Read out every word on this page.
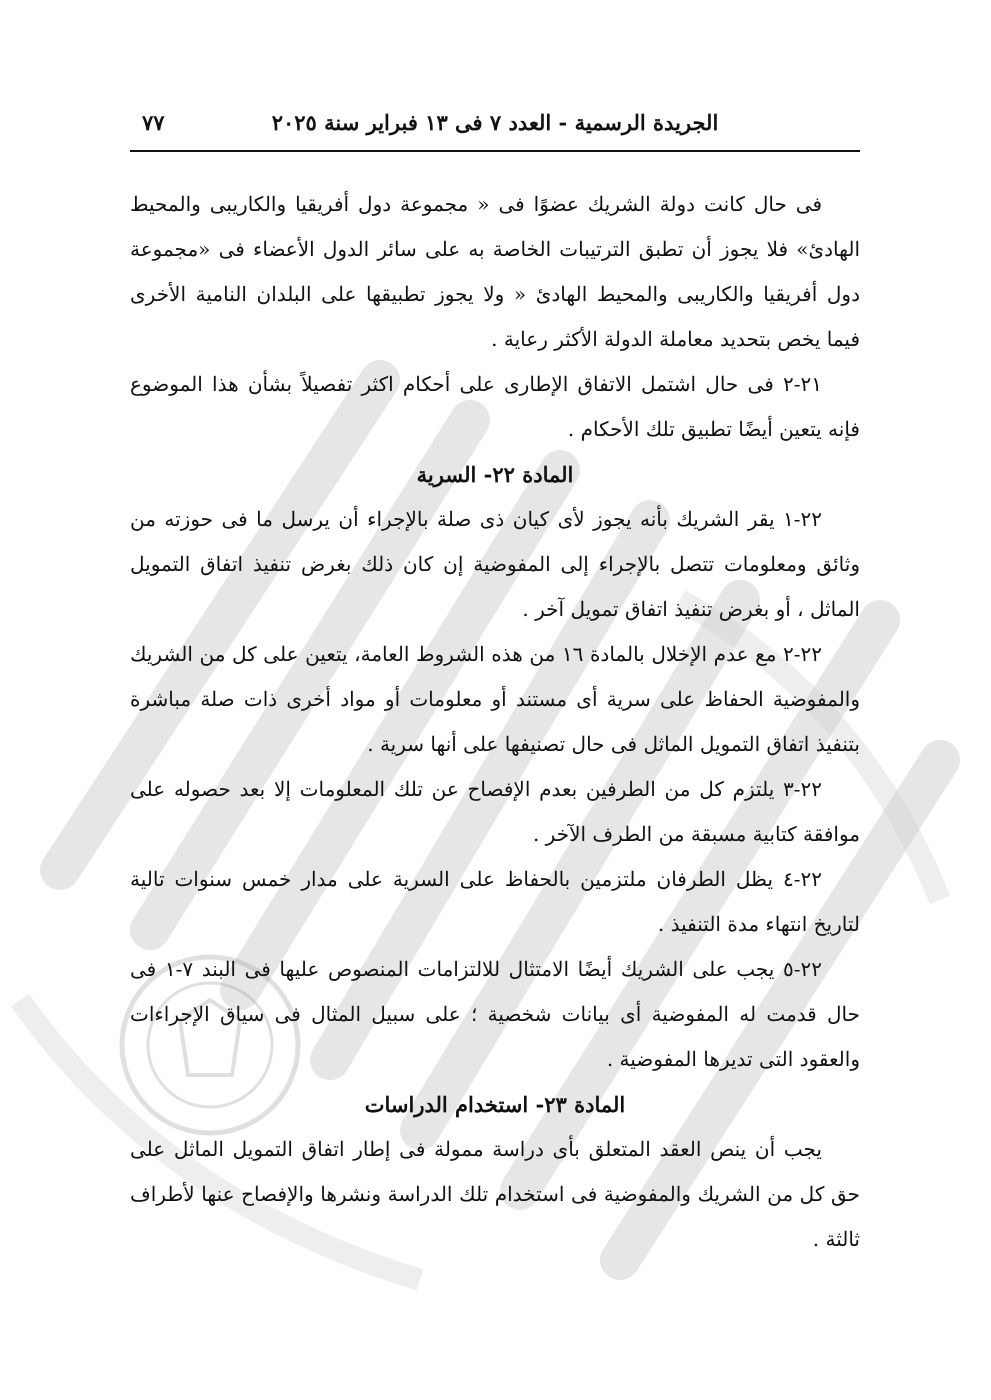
الجريدة الرسمية - العدد ٧ فى ١٣ فبراير سنة ٢٠٢٥
٧٧

فى حال كانت دولة الشريك عضوًا فى « مجموعة دول أفريقيا والكاريبى والمحيط الهادئ» فلا يجوز أن تطبق الترتيبات الخاصة به على سائر الدول الأعضاء فى «مجموعة دول أفريقيا والكاريبى والمحيط الهادئ « ولا يجوز تطبيقها على البلدان النامية الأخرى فيما يخص بتحديد معاملة الدولة الأكثر رعاية .

٢١-٢ فى حال اشتمل الاتفاق الإطارى على أحكام اكثر تفصيلاً بشأن هذا الموضوع فإنه يتعين أيضًا تطبيق تلك الأحكام .

المادة ٢٢- السرية

٢٢-١ يقر الشريك بأنه يجوز لأى كيان ذى صلة بالإجراء أن يرسل ما فى حوزته من وثائق ومعلومات تتصل بالإجراء إلى المفوضية إن كان ذلك بغرض تنفيذ اتفاق التمويل الماثل ، أو بغرض تنفيذ اتفاق تمويل آخر .

٢٢-٢ مع عدم الإخلال بالمادة ١٦ من هذه الشروط العامة، يتعين على كل من الشريك والمفوضية الحفاظ على سرية أى مستند أو معلومات أو مواد أخرى ذات صلة مباشرة بتنفيذ اتفاق التمويل الماثل فى حال تصنيفها على أنها سرية .

٢٢-٣ يلتزم كل من الطرفين بعدم الإفصاح عن تلك المعلومات إلا بعد حصوله على موافقة كتابية مسبقة من الطرف الآخر .

٢٢-٤ يظل الطرفان ملتزمين بالحفاظ على السرية على مدار خمس سنوات تالية لتاريخ انتهاء مدة التنفيذ .

٢٢-٥ يجب على الشريك أيضًا الامتثال للالتزامات المنصوص عليها فى البند ٧-١ فى حال قدمت له المفوضية أى بيانات شخصية ؛ على سبيل المثال فى سياق الإجراءات والعقود التى تديرها المفوضية .

المادة ٢٣- استخدام الدراسات

يجب أن ينص العقد المتعلق بأى دراسة ممولة فى إطار اتفاق التمويل الماثل على حق كل من الشريك والمفوضية فى استخدام تلك الدراسة ونشرها والإفصاح عنها لأطراف ثالثة .
